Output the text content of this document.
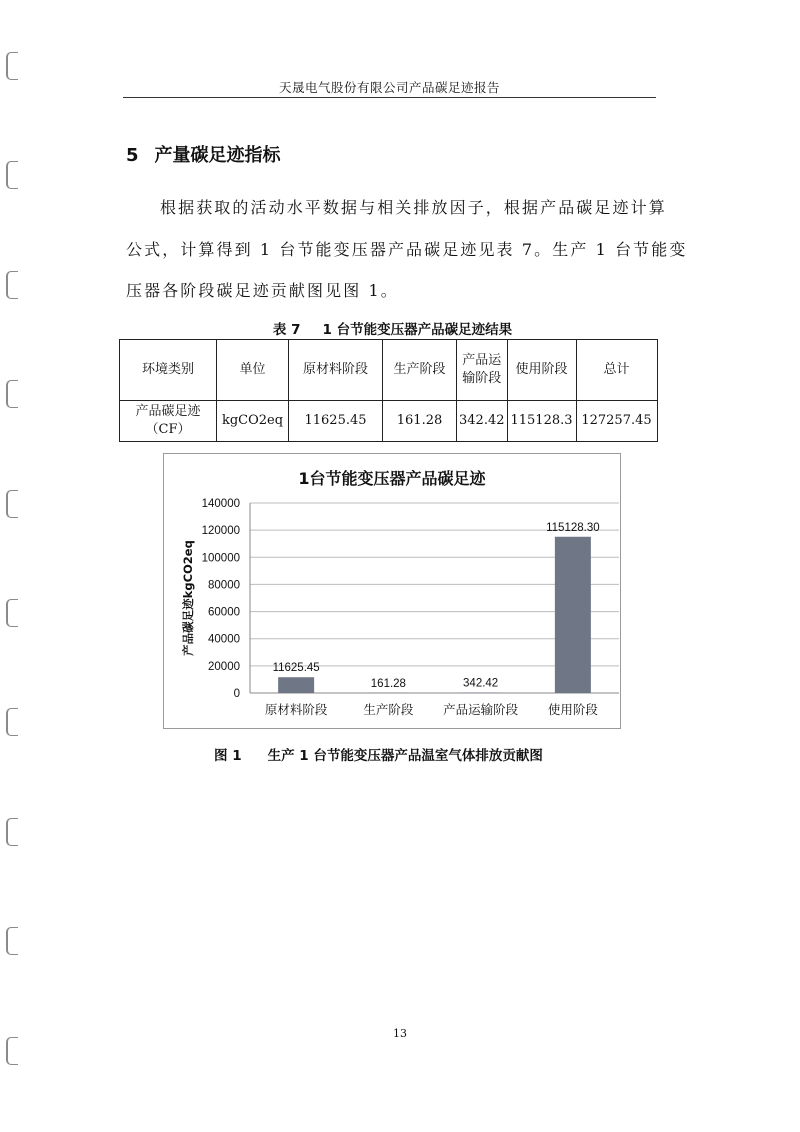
天晟电气股份有限公司产品碳足迹报告
5 产量碳足迹指标
根据获取的活动水平数据与相关排放因子，根据产品碳足迹计算
公式，计算得到 1 台节能变压器产品碳足迹见表 7。生产 1 台节能变
压器各阶段碳足迹贡献图见图 1。
表 7 1 台节能变压器产品碳足迹结果
环境类别	单位	原材料阶段	生产阶段	产品运输阶段	使用阶段	总计
产品碳足迹（CF）	kgCO2eq	11625.45	161.28	342.42	115128.3	127257.45
0
20000
40000
60000
80000
100000
120000
140000
11625.45
原材料阶段
161.28
生产阶段
342.42
产品运输阶段
115128.30
使用阶段
1台节能变压器产品碳足迹
产品碳足迹kgCO2eq
图 1 生产 1 台节能变压器产品温室气体排放贡献图
13
